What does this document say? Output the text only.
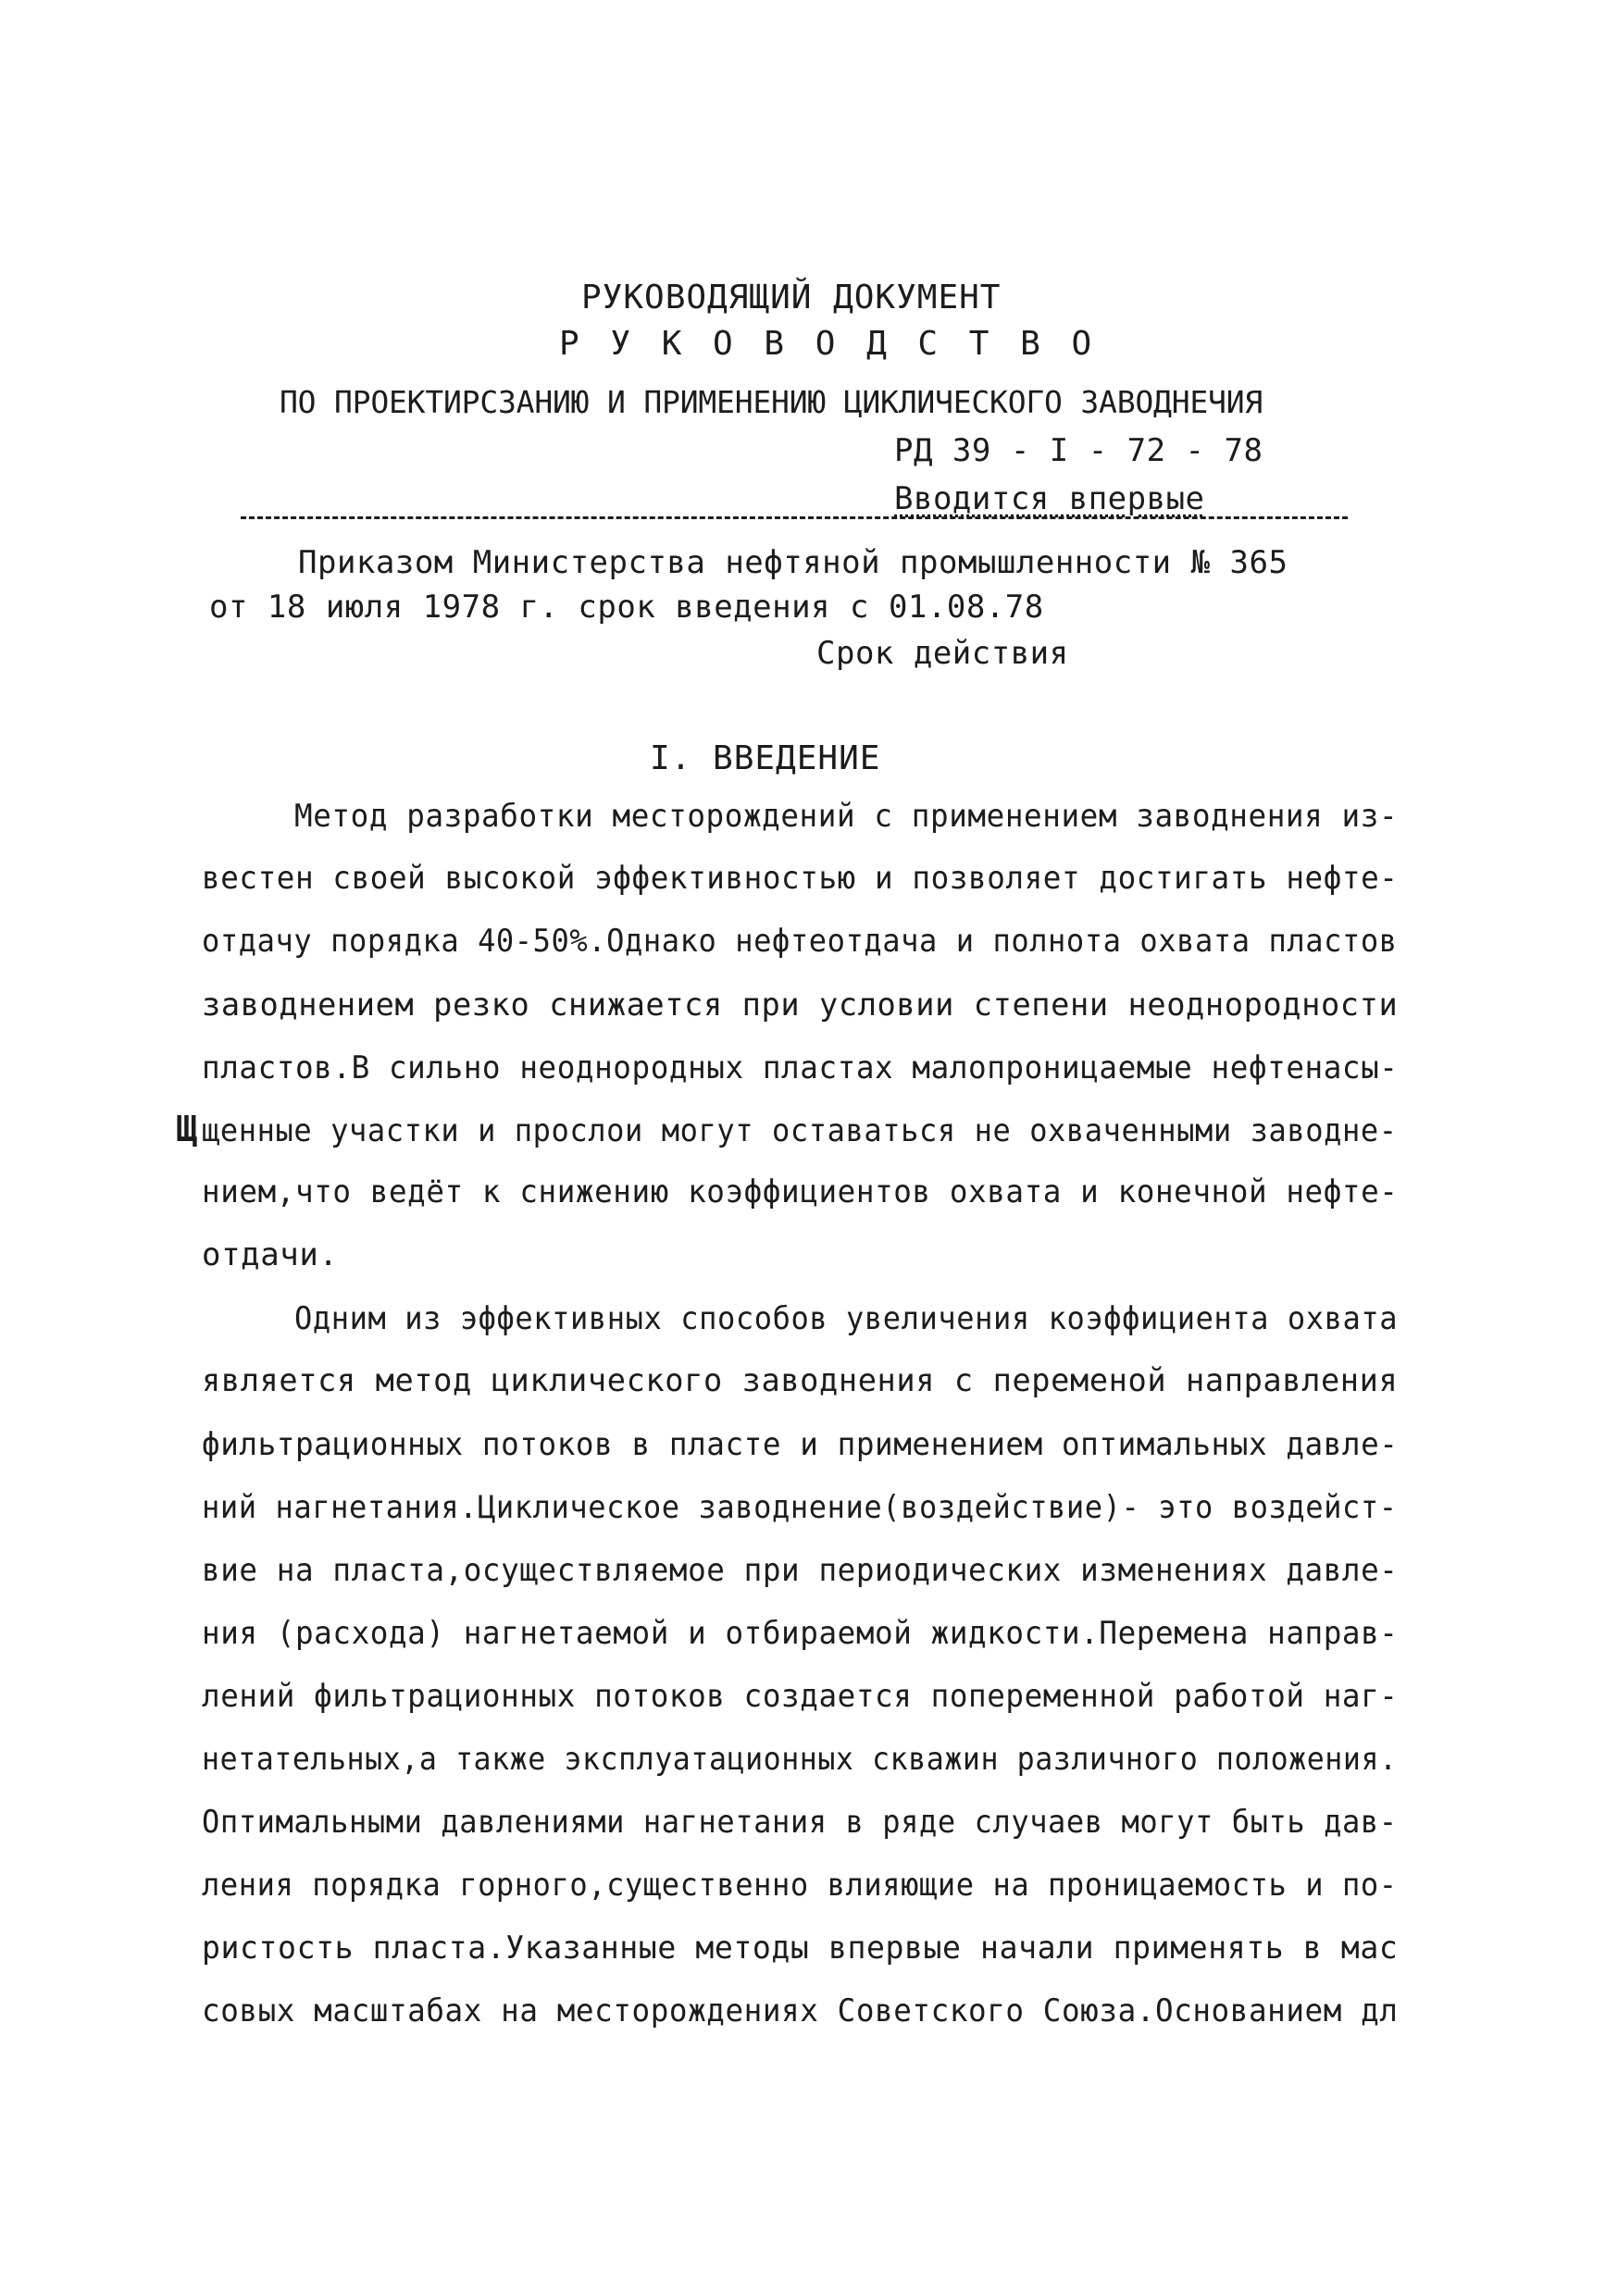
РУКОВОДЯЩИЙ ДОКУМЕНТ
Р У К О В О Д С Т В О
ПО ПРОЕКТИРСЗАНИЮ И ПРИМЕНЕНИЮ ЦИКЛИЧЕСКОГО ЗАВОДНЕЧИЯ
РД 39 - I - 72 - 78
Вводится впервые
Приказом Министерства нефтяной промышленности № 365
от 18 июля 1978 г. срок введения с 01.08.78
Срок действия
I. ВВЕДЕНИЕ
Метод разработки месторождений с применением заводнения из-
вестен своей высокой эффективностью и позволяет достигать нефте-
отдачу порядка 40-50%.Однако нефтеотдача и полнота охвата пластов
заводнением резко снижается при условии степени неоднородности
пластов.В сильно неоднородных пластах малопроницаемые нефтенасы-
щенные участки и прослои могут оставаться не охваченными заводне-
нием,что ведёт к снижению коэффициентов охвата и конечной нефте-
отдачи.
Щ
Одним из эффективных способов увеличения коэффициента охвата
является метод циклического заводнения с переменой направления
фильтрационных потоков в пласте и применением оптимальных давле-
ний нагнетания.Циклическое заводнение(воздействие)- это воздейст-
вие на пласта,осуществляемое при периодических изменениях давле-
ния (расхода) нагнетаемой и отбираемой жидкости.Перемена направ-
лений фильтрационных потоков создается попеременной работой наг-
нетательных,а также эксплуатационных скважин различного положения.
Оптимальными давлениями нагнетания в ряде случаев могут быть дав-
ления порядка горного,существенно влияющие на проницаемость и по-
ристость пласта.Указанные методы впервые начали применять в мас
совых масштабах на месторождениях Советского Союза.Основанием дл
